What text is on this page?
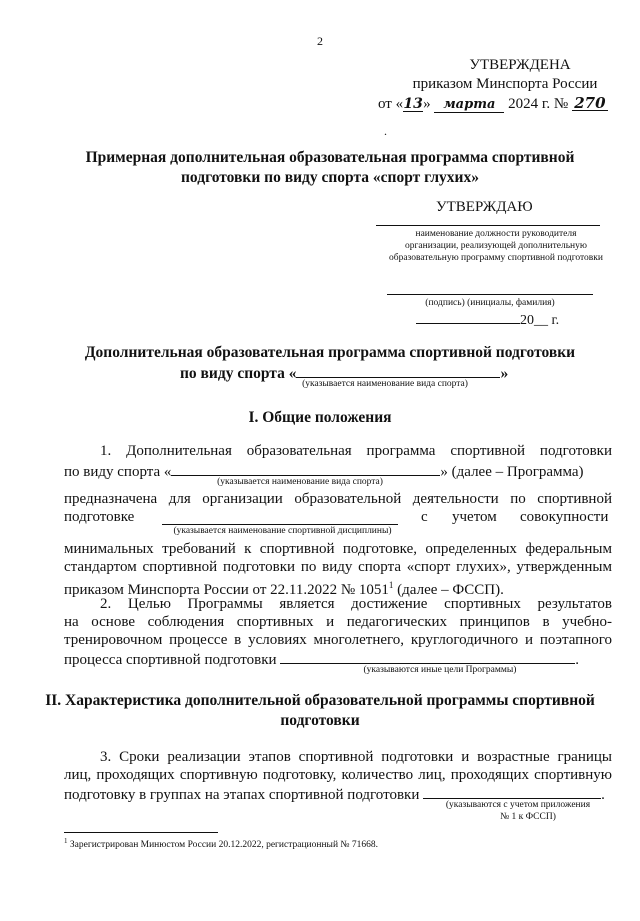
2
УТВЕРЖДЕНА
приказом Минспорта России
от «13» марта 2024 г. № 270
.
Примерная дополнительная образовательная программа спортивной
подготовки по виду спорта «спорт глухих»
УТВЕРЖДАЮ
наименование должности руководителя
организации, реализующей дополнительную
образовательную программу спортивной подготовки
(подпись) (инициалы, фамилия)
20__ г.
Дополнительная образовательная программа спортивной подготовки
по виду спорта «	»
(указывается наименование вида спорта)
I. Общие положения
1. Дополнительная образовательная программа спортивной подготовки
по виду спорта «	» (далее – Программа)
(указывается наименование вида спорта)
предназначена для организации образовательной деятельности по спортивной
подготовке	с учетом совокупности
(указывается наименование спортивной дисциплины)
минимальных требований к спортивной подготовке, определенных федеральным
стандартом спортивной подготовки по виду спорта «спорт глухих», утвержденным
приказом Минспорта России от 22.11.2022 № 1051$^1$ (далее – ФССП).
2. Целью Программы является достижение спортивных результатов
на основе соблюдения спортивных и педагогических принципов в учебно-
тренировочном процессе в условиях многолетнего, круглогодичного и поэтапного
процесса спортивной подготовки	.
(указываются иные цели Программы)
II. Характеристика дополнительной образовательной программы спортивной
подготовки
3. Сроки реализации этапов спортивной подготовки и возрастные границы
лиц, проходящих спортивную подготовку, количество лиц, проходящих спортивную
подготовку в группах на этапах спортивной подготовки	.
(указываются с учетом приложения
№ 1 к ФССП)
$^1$ Зарегистрирован Минюстом России 20.12.2022, регистрационный № 71668.
